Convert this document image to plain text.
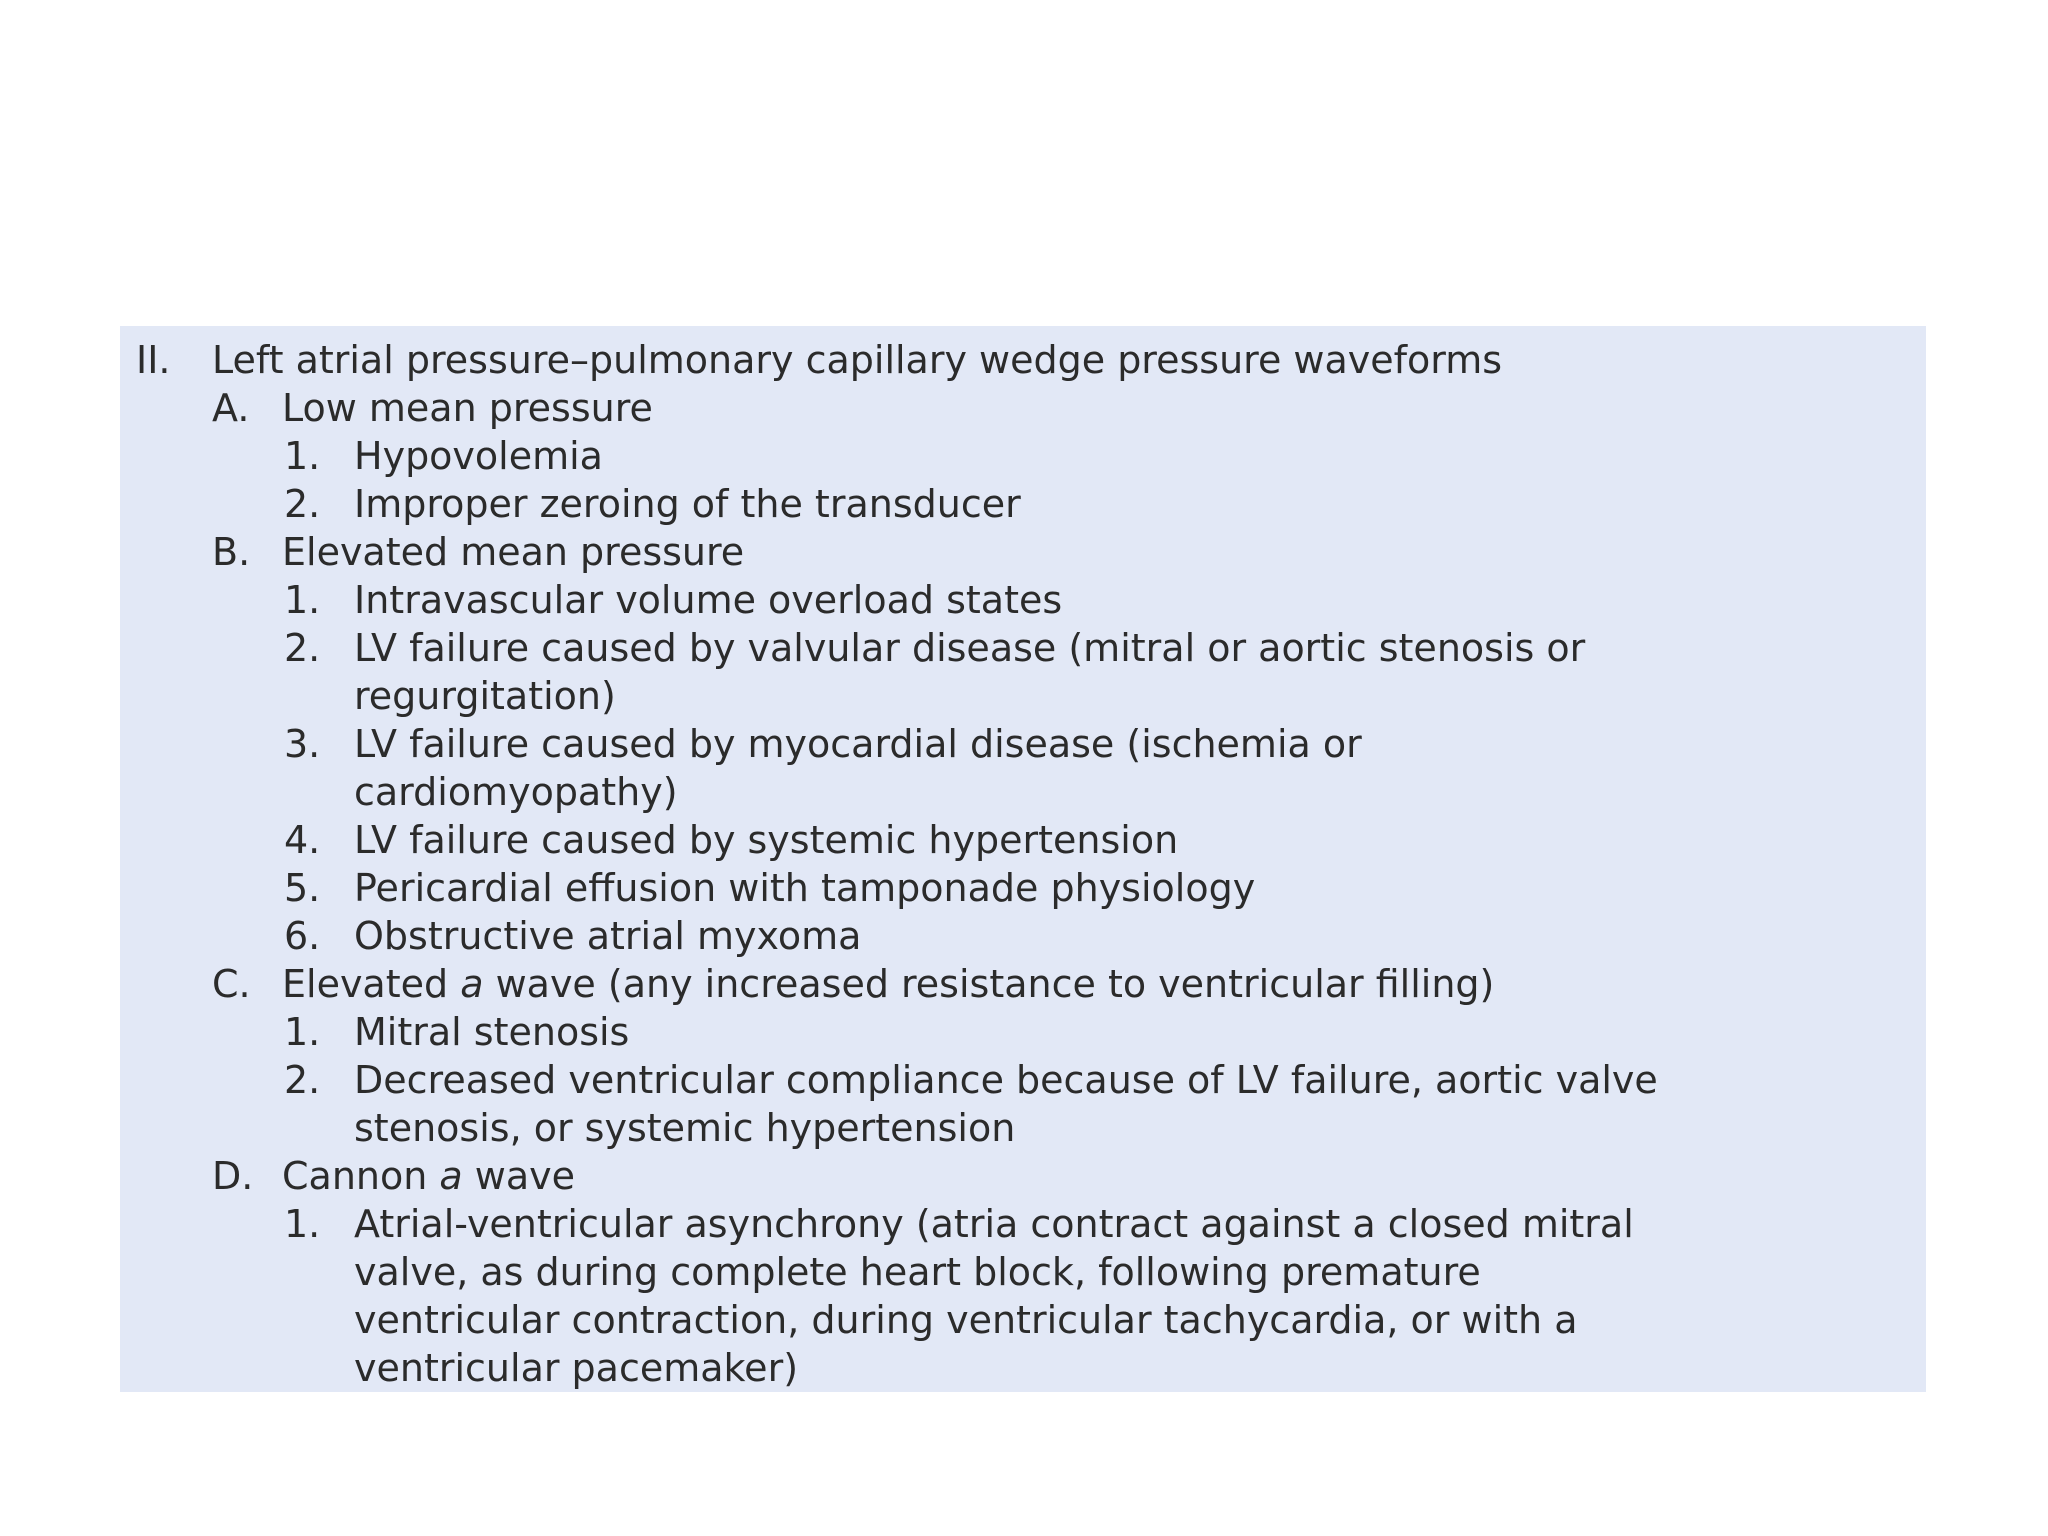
II. Left atrial pressure–pulmonary capillary wedge pressure waveforms
A. Low mean pressure
1. Hypovolemia
2. Improper zeroing of the transducer
B. Elevated mean pressure
1. Intravascular volume overload states
2. LV failure caused by valvular disease (mitral or aortic stenosis or
regurgitation)
3. LV failure caused by myocardial disease (ischemia or
cardiomyopathy)
4. LV failure caused by systemic hypertension
5. Pericardial effusion with tamponade physiology
6. Obstructive atrial myxoma
C. Elevated a wave (any increased resistance to ventricular filling)
1. Mitral stenosis
2. Decreased ventricular compliance because of LV failure, aortic valve
stenosis, or systemic hypertension
D. Cannon a wave
1. Atrial-ventricular asynchrony (atria contract against a closed mitral
valve, as during complete heart block, following premature
ventricular contraction, during ventricular tachycardia, or with a
ventricular pacemaker)
